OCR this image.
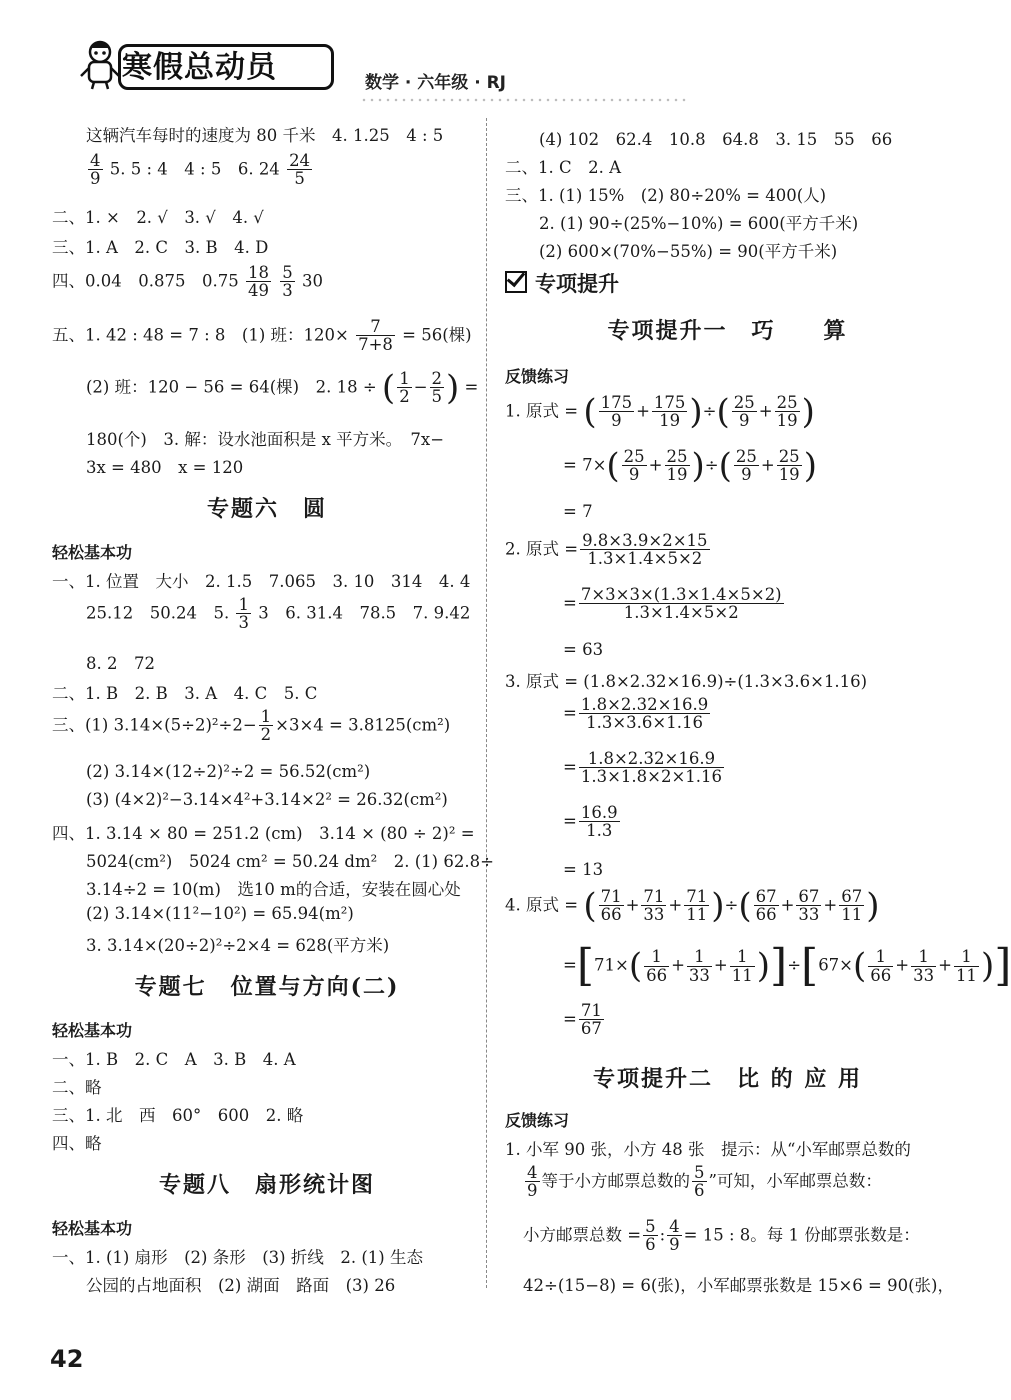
寒假总动员	数学 · 六年级 · RJ
这辆汽车每时的速度为 80 千米　4. 1.25　4 : 5
$\frac{4}{9} 5$. 5 : 4　4 : 5　6. $24 \frac{24}{5}$
二、1. ×　2. √　3. √　4. √
三、1. A　2. C　3. B　4. D
四、0.04　0.875　$0.75 \frac{18}{49}$
$\frac{5}{3} 30$
五、1. 42 : 48 = 7 : 8　(1) 班：$120\times \frac{7}{7+8} = 56$(棵)
(2) 班：120 − 56 = 64(棵)　2. 18 ÷ ( $\frac{1}{2} - \frac{2}{5}$ ) =
180(个)　3. 解：设水池面积是 x 平方米。　7x−
3x = 480　x = 120
专题六　圆
轻松基本功
一、1. 位置　大小　2. 1.5　7.065　3. 10　314　4. 4
25.12　50.24　5. $\frac{1}{3} 3$　6. 31.4　78.5　7. 9.42
8. 2　72
二、1. B　2. B　3. A　4. C　5. C
三、(1) $3.14\times(5\div 2)^2\div 2- \frac{1}{2} \times 3\times 4 = 3.8125(cm^2)$
(2) 3.14×(12÷2)²÷2 = 56.52(cm²)
(3) (4×2)²−3.14×4²+3.14×2² = 26.32(cm²)
四、1. 3.14 × 80 = 251.2 (cm)　3.14 × (80 ÷ 2)² =
5024(cm²)　5024 cm² = 50.24 dm²　2. (1) 62.8÷
3.14÷2 = 10(m)　选10 m的合适，安装在圆心处
(2) 3.14×(11²−10²) = 65.94(m²)
3. 3.14×(20÷2)²÷2×4 = 628(平方米)
专题七　位置与方向(二)
轻松基本功
一、1. B　2. C　A　3. B　4. A
二、略
三、1. 北　西　60°　600　2. 略
四、略
专题八　扇形统计图
轻松基本功
一、1. (1) 扇形　(2) 条形　(3) 折线　2. (1) 生态
公园的占地面积　(2) 湖面　路面　(3) 26
(4) 102　62.4　10.8　64.8　3. 15　55　66
二、1. C　2. A
三、1. (1) 15%　(2) 80÷20% = 400(人)
2. (1) 90÷(25%−10%) = 600(平方千米)
(2) 600×(70%−55%) = 90(平方千米)
专项提升
专项提升一　巧　　算
反馈练习
1. 原式 = ( $\frac{175}{9} + \frac{175}{19}$ )÷( $\frac{25}{9} + \frac{25}{19}$ )
= $7\times( \frac{25}{9} + \frac{25}{19}$ )÷( $\frac{25}{9} + \frac{25}{19}$ )
= 7
2. 原式 = $\frac{9.8\times 3.9\times 2\times 15}{1.3\times 1.4\times 5\times 2}$
= $\frac{7\times 3\times 3\times(1.3\times 1.4\times 5\times 2)}{1.3\times 1.4\times 5\times 2}$
= 63
3. 原式 = (1.8×2.32×16.9)÷(1.3×3.6×1.16)
= $\frac{1.8\times 2.32\times 16.9}{1.3\times 3.6\times 1.16}$
= $\frac{1.8\times 2.32\times 16.9}{1.3\times 1.8\times 2\times 1.16}$
= $\frac{16.9}{1.3}$
= 13
4. 原式 = ( $\frac{71}{66} + \frac{71}{33} + \frac{71}{11}$ )÷( $\frac{67}{66} + \frac{67}{33} + \frac{67}{11}$ )
$=[71\times( \frac{1}{66} + \frac{1}{33} + \frac{1}{11} )]\div[67\times( \frac{1}{66} + \frac{1}{33} + \frac{1}{11}$ )]
= $\frac{71}{67}$
专项提升二　比 的 应 用
反馈练习
1. 小军 90 张，小方 48 张　提示：从“小军邮票总数的
$\frac{4}{9}$ 等于小方邮票总数的 $\frac{5}{6}$ ”可知，小军邮票总数：
小方邮票总数 = $\frac{5}{6}$ : $\frac{4}{9} = 15$ : 8。每 1 份邮票张数是：
42÷(15−8) = 6(张)，小军邮票张数是 15×6 = 90(张)，
42
